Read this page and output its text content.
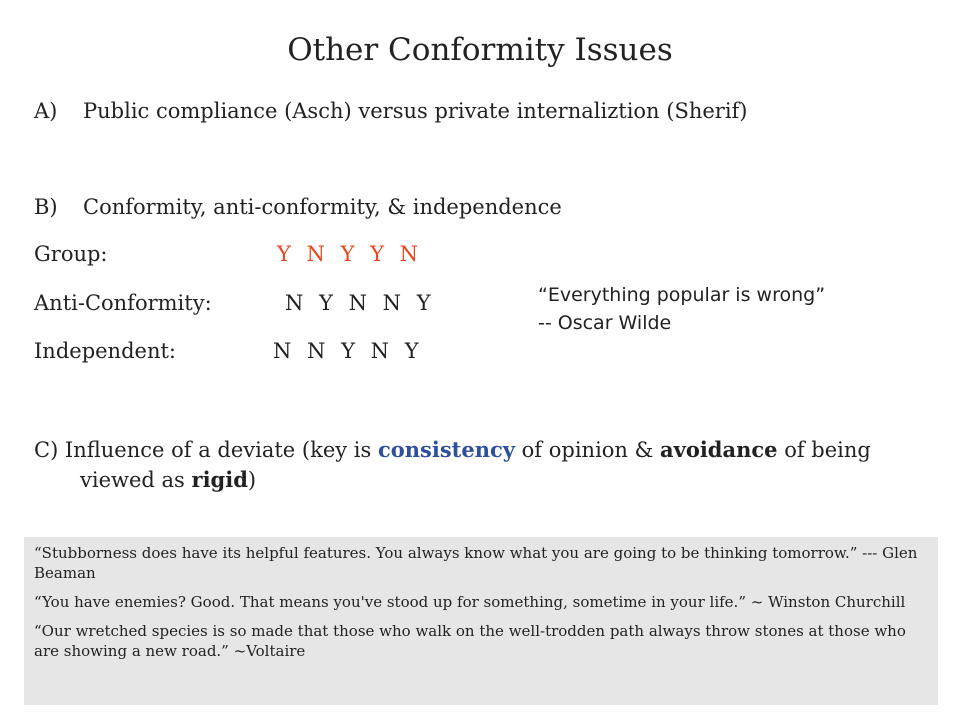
Other Conformity Issues
A) Public compliance (Asch) versus private internaliztion (Sherif)
B) Conformity, anti-conformity, & independence
Group:	Y N Y Y N
Anti-Conformity:	N Y N N Y
Independent:	N N Y N Y
“Everything popular is wrong”
-- Oscar Wilde
C) Influence of a deviate (key is consistency of opinion & avoidance of being viewed as rigid)

“Stubborness does have its helpful features. You always know what you are going to be thinking tomorrow.” --- Glen Beaman

“You have enemies? Good. That means you've stood up for something, sometime in your life.” ~ Winston Churchill

“Our wretched species is so made that those who walk on the well-trodden path always throw stones at those who are showing a new road.” ~Voltaire
